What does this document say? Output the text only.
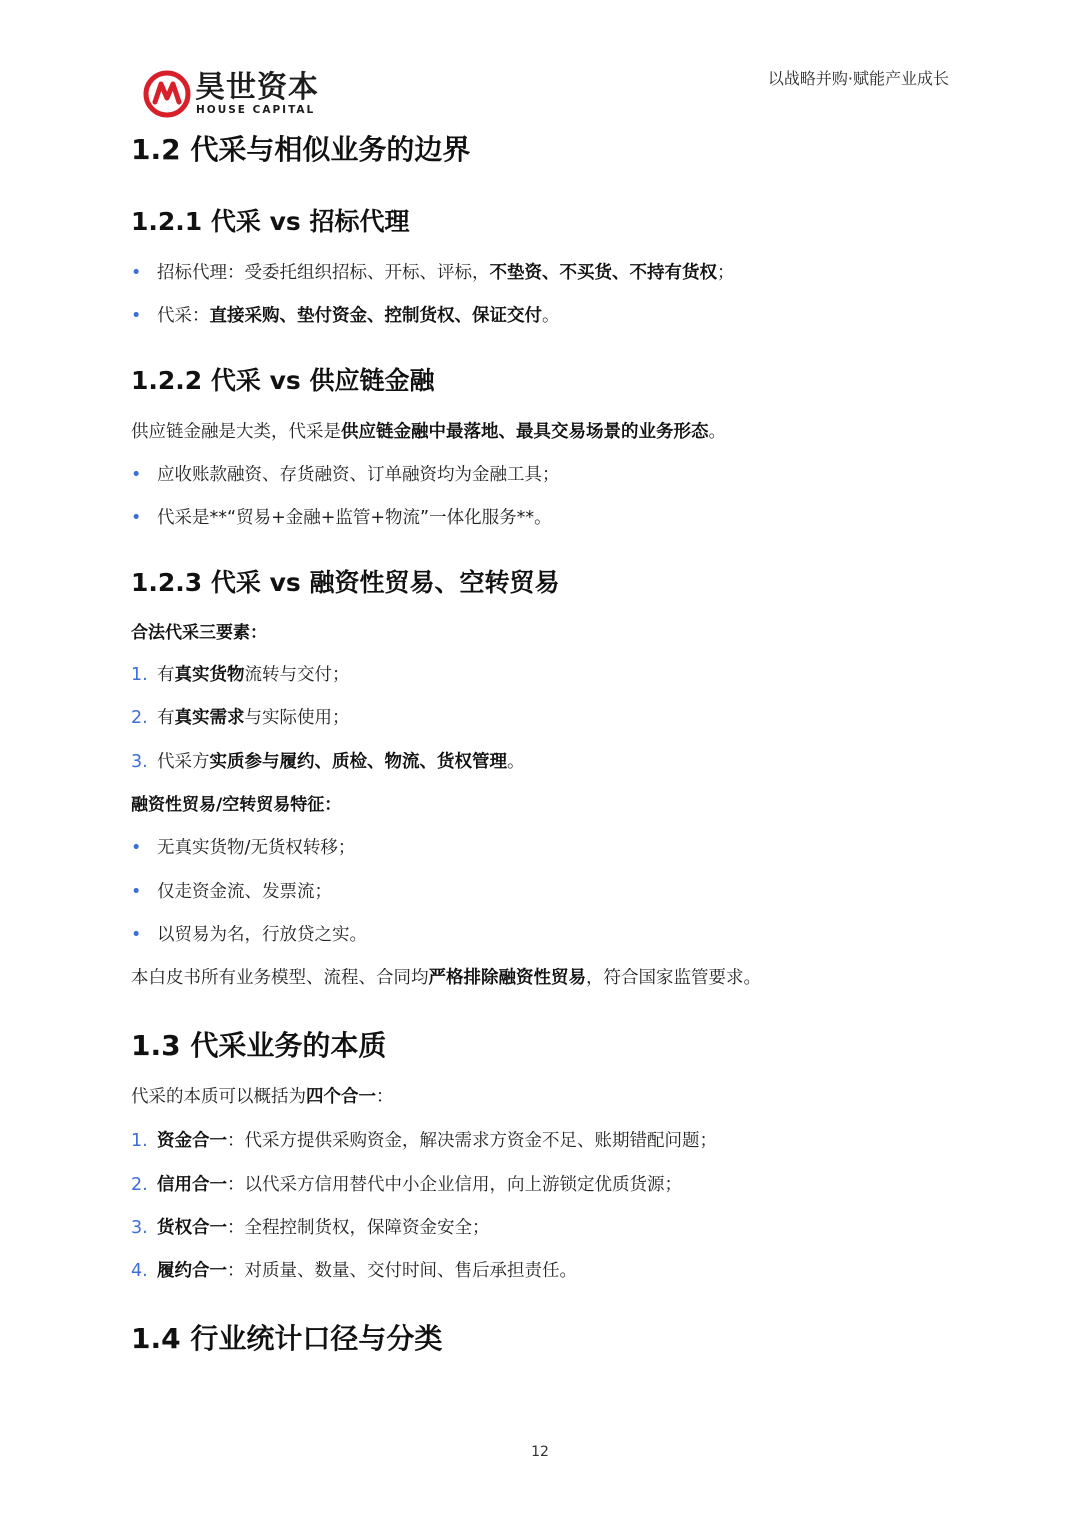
昊世资本
HOUSE CAPITAL
以战略并购·赋能产业成长
1.2 代采与相似业务的边界
1.2.1 代采 vs 招标代理
• 招标代理：受委托组织招标、开标、评标，不垫资、不买货、不持有货权；
• 代采：直接采购、垫付资金、控制货权、保证交付。
1.2.2 代采 vs 供应链金融
供应链金融是大类，代采是供应链金融中最落地、最具交易场景的业务形态。
• 应收账款融资、存货融资、订单融资均为金融工具；
• 代采是**“贸易+金融+监管+物流”一体化服务**。
1.2.3 代采 vs 融资性贸易、空转贸易
合法代采三要素：
1. 有真实货物流转与交付；
2. 有真实需求与实际使用；
3. 代采方实质参与履约、质检、物流、货权管理。
融资性贸易/空转贸易特征：
• 无真实货物/无货权转移；
• 仅走资金流、发票流；
• 以贸易为名，行放贷之实。
本白皮书所有业务模型、流程、合同均严格排除融资性贸易，符合国家监管要求。
1.3 代采业务的本质
代采的本质可以概括为四个合一：
1. 资金合一：代采方提供采购资金，解决需求方资金不足、账期错配问题；
2. 信用合一：以代采方信用替代中小企业信用，向上游锁定优质货源；
3. 货权合一：全程控制货权，保障资金安全；
4. 履约合一：对质量、数量、交付时间、售后承担责任。
1.4 行业统计口径与分类
12
